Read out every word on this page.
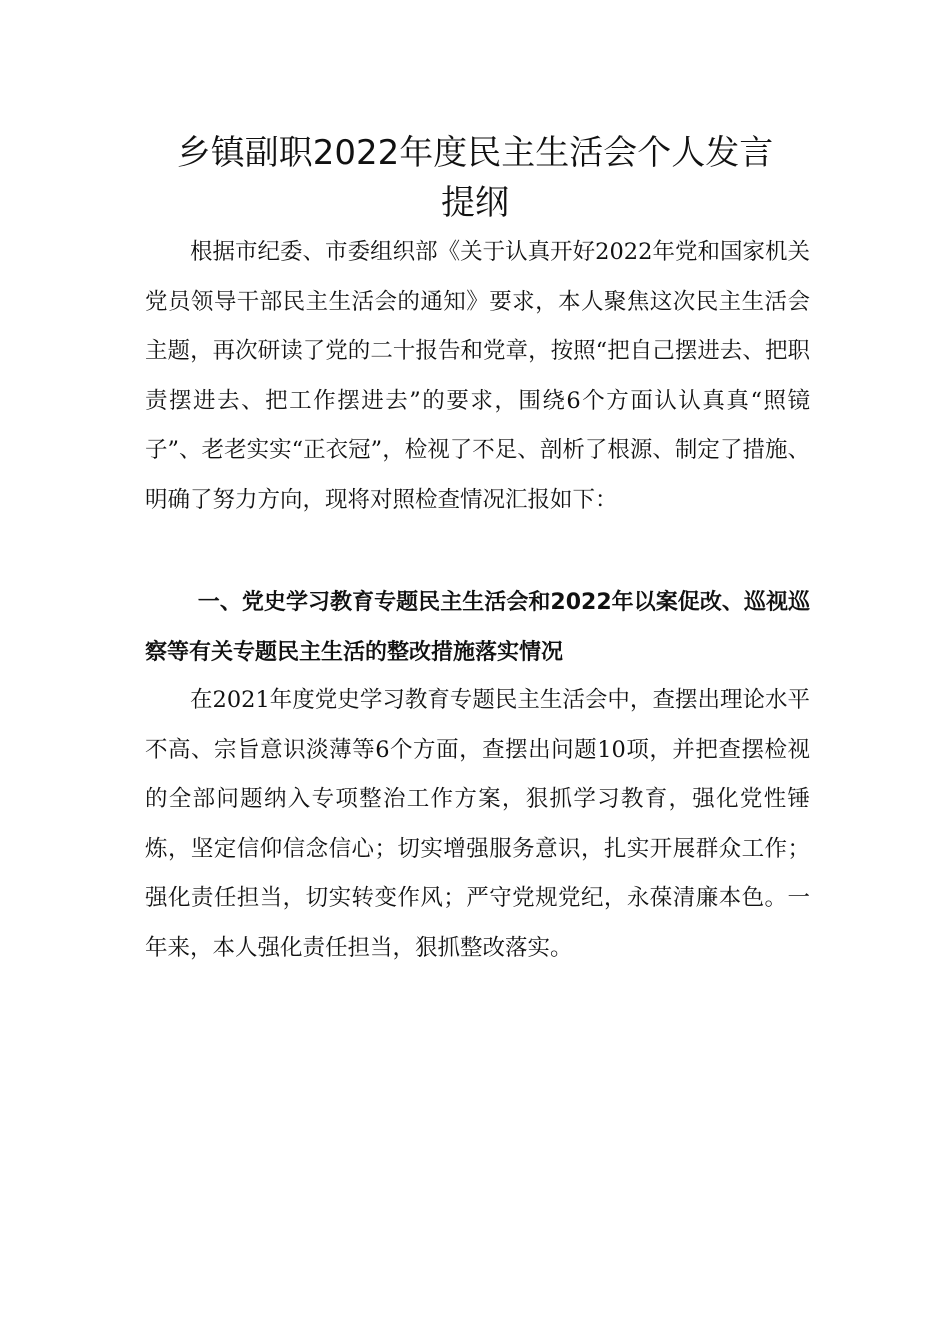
乡镇副职2022年度民主生活会个人发言
提纲

根据市纪委、市委组织部《关于认真开好2022年党和国家机关党员领导干部民主生活会的通知》要求，本人聚焦这次民主生活会主题，再次研读了党的二十报告和党章，按照“把自己摆进去、把职责摆进去、把工作摆进去”的要求，围绕6个方面认认真真“照镜子”、老老实实“正衣冠”，检视了不足、剖析了根源、制定了措施、明确了努力方向，现将对照检查情况汇报如下：

一、党史学习教育专题民主生活会和2022年以案促改、巡视巡察等有关专题民主生活的整改措施落实情况

在2021年度党史学习教育专题民主生活会中，查摆出理论水平不高、宗旨意识淡薄等6个方面，查摆出问题10项，并把查摆检视的全部问题纳入专项整治工作方案，狠抓学习教育，强化党性锤炼，坚定信仰信念信心；切实增强服务意识，扎实开展群众工作；强化责任担当，切实转变作风；严守党规党纪，永葆清廉本色。一年来，本人强化责任担当，狠抓整改落实。
